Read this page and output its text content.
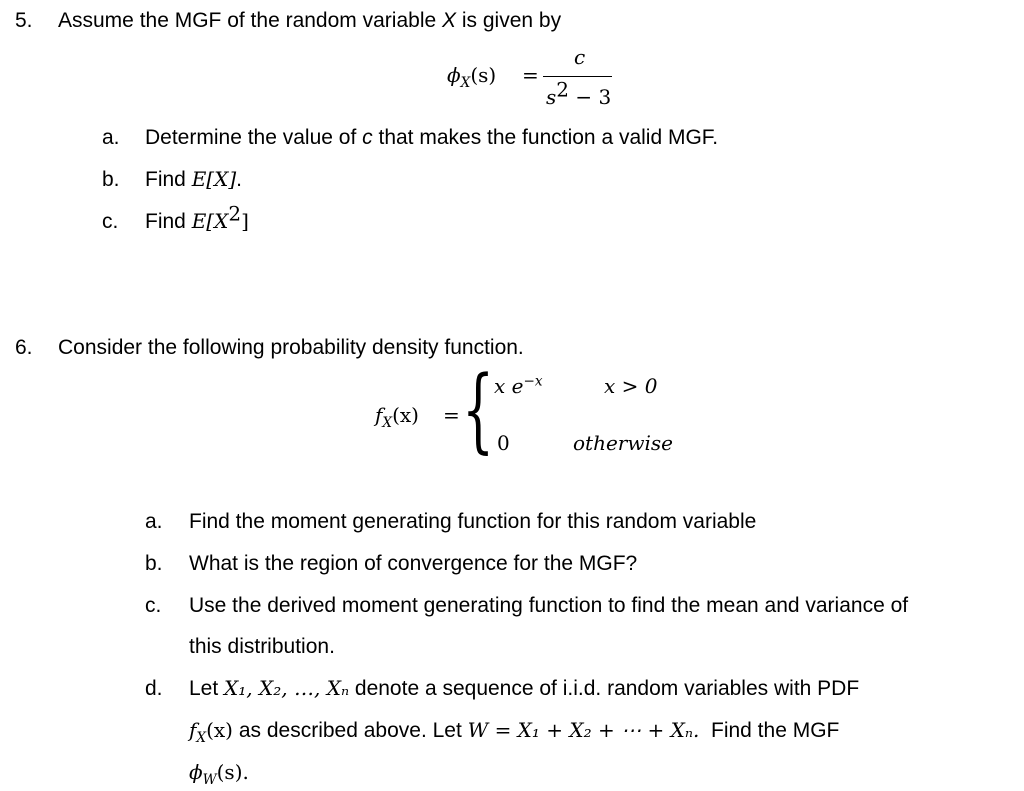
5. Assume the MGF of the random variable X is given by
$\phi_X(s)$ =
c
$s^2 - 3$
a. Determine the value of c that makes the function a valid MGF.
b. Find E[X].
c. Find $E[X^2]$
6. Consider the following probability density function.
$f_X(x)$ = { x $e^{-x}$	x > 0
0	otherwise
a. Find the moment generating function for this random variable
b. What is the region of convergence for the MGF?
c. Use the derived moment generating function to find the mean and variance of
this distribution.
d. Let X₁, X₂, …, Xₙ denote a sequence of i.i.d. random variables with PDF
$f_X(x)$ as described above. Let W = X₁ + X₂ + ⋯ + Xₙ. Find the MGF
$\phi_W(s)$.
